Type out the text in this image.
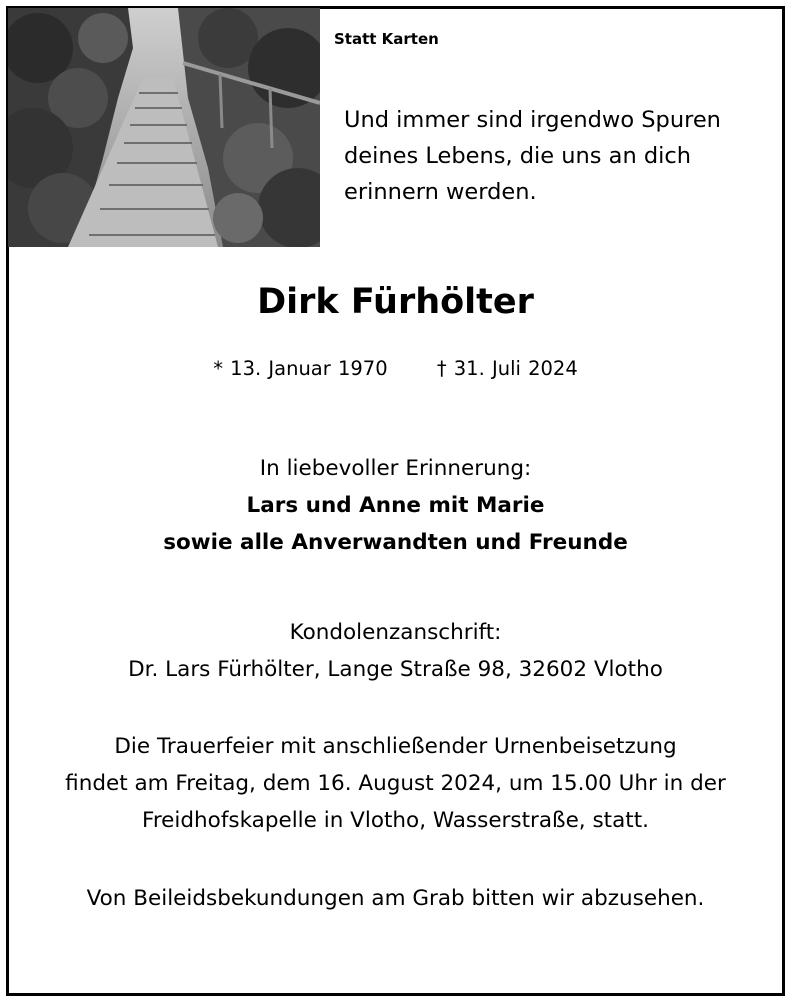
Statt Karten
Und immer sind irgendwo Spuren
deines Lebens, die uns an dich
erinnern werden.
Dirk Fürhölter
* 13. Januar 1970	† 31. Juli 2024
In liebevoller Erinnerung:
Lars und Anne mit Marie
sowie alle Anverwandten und Freunde
Kondolenzanschrift:
Dr. Lars Fürhölter, Lange Straße 98, 32602 Vlotho
Die Trauerfeier mit anschließender Urnenbeisetzung
findet am Freitag, dem 16. August 2024, um 15.00 Uhr in der
Freidhofskapelle in Vlotho, Wasserstraße, statt.
Von Beileidsbekundungen am Grab bitten wir abzusehen.
